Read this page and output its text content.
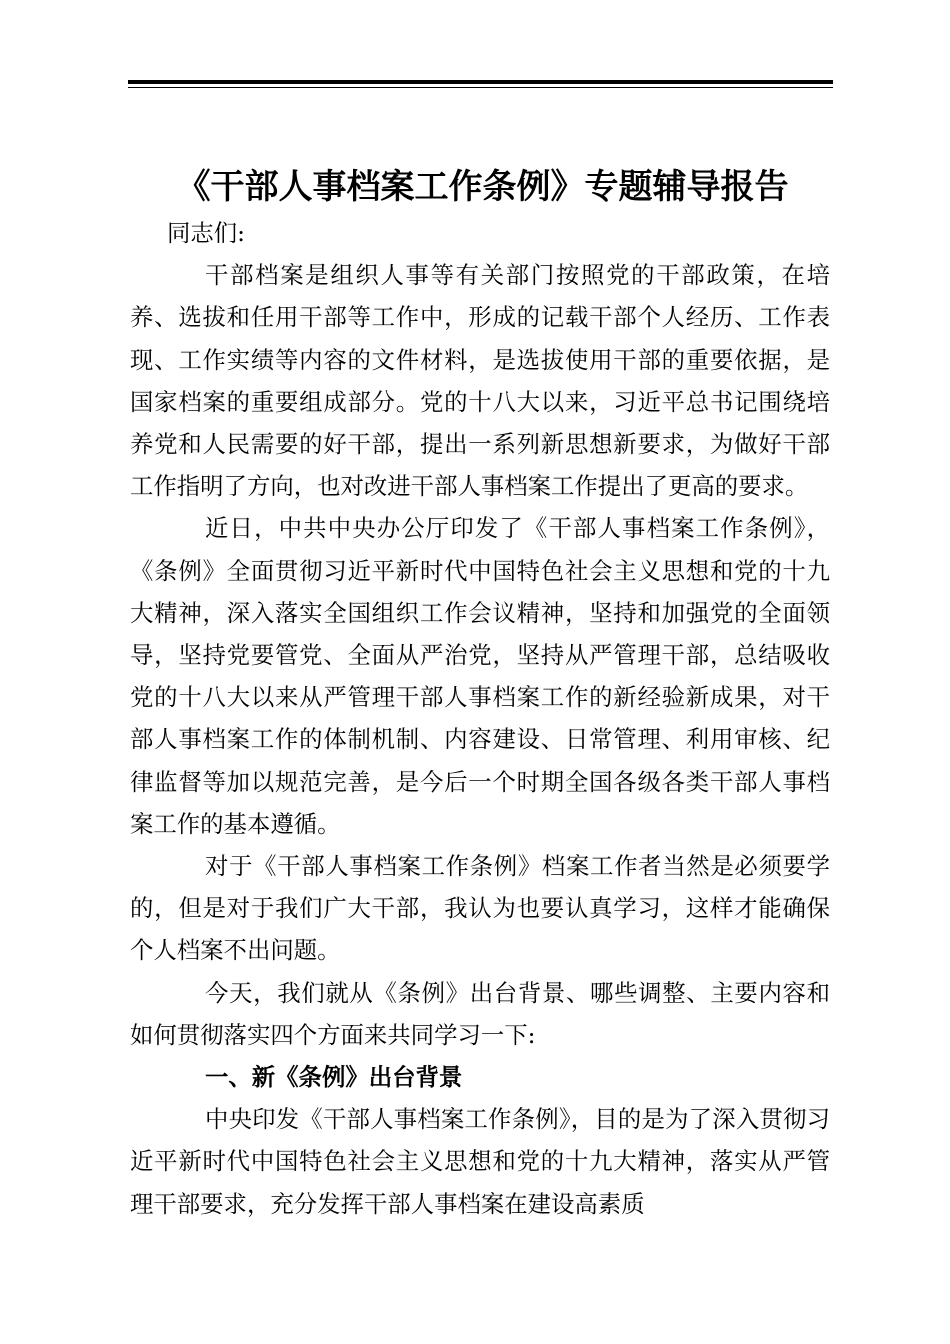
《干部人事档案工作条例》专题辅导报告

同志们:

干部档案是组织人事等有关部门按照党的干部政策，在培养、选拔和任用干部等工作中，形成的记载干部个人经历、工作表现、工作实绩等内容的文件材料，是选拔使用干部的重要依据，是国家档案的重要组成部分。党的十八大以来，习近平总书记围绕培养党和人民需要的好干部，提出一系列新思想新要求，为做好干部工作指明了方向，也对改进干部人事档案工作提出了更高的要求。

近日，中共中央办公厅印发了《干部人事档案工作条例》，《条例》全面贯彻习近平新时代中国特色社会主义思想和党的十九大精神，深入落实全国组织工作会议精神，坚持和加强党的全面领导，坚持党要管党、全面从严治党，坚持从严管理干部，总结吸收党的十八大以来从严管理干部人事档案工作的新经验新成果，对干部人事档案工作的体制机制、内容建设、日常管理、利用审核、纪律监督等加以规范完善，是今后一个时期全国各级各类干部人事档案工作的基本遵循。

对于《干部人事档案工作条例》档案工作者当然是必须要学的，但是对于我们广大干部，我认为也要认真学习，这样才能确保个人档案不出问题。

今天，我们就从《条例》出台背景、哪些调整、主要内容和如何贯彻落实四个方面来共同学习一下:

一、新《条例》出台背景

中央印发《干部人事档案工作条例》，目的是为了深入贯彻习近平新时代中国特色社会主义思想和党的十九大精神，落实从严管理干部要求，充分发挥干部人事档案在建设高素质
